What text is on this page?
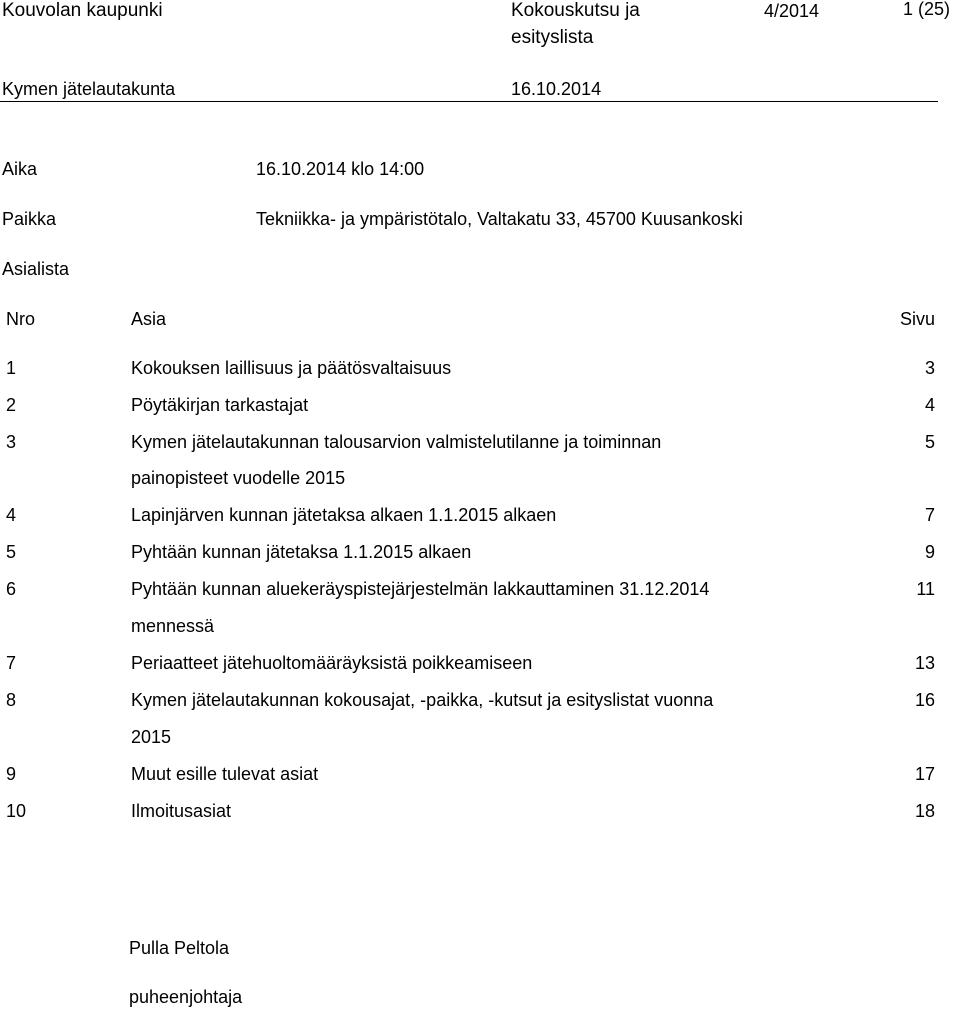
Kouvolan kaupunki	Kokouskutsu ja
esityslista
4/2014	1 (25)
Kymen jätelautakunta	16.10.2014
Aika	16.10.2014 klo 14:00
Paikka	Tekniikka- ja ympäristötalo, Valtakatu 33, 45700 Kuusankoski
Asialista
Nro	Asia	Sivu
1	Kokouksen laillisuus ja päätösvaltaisuus	3
2	Pöytäkirjan tarkastajat	4
3	Kymen jätelautakunnan talousarvion valmistelutilanne ja toiminnan	5
painopisteet vuodelle 2015
4	Lapinjärven kunnan jätetaksa alkaen 1.1.2015 alkaen	7
5	Pyhtään kunnan jätetaksa 1.1.2015 alkaen	9
6	Pyhtään kunnan aluekeräyspistejärjestelmän lakkauttaminen 31.12.2014	11
mennessä
7	Periaatteet jätehuoltomääräyksistä poikkeamiseen	13
8	Kymen jätelautakunnan kokousajat, -paikka, -kutsut ja esityslistat vuonna	16
2015
9	Muut esille tulevat asiat	17
10	Ilmoitusasiat	18
Pulla Peltola
puheenjohtaja
